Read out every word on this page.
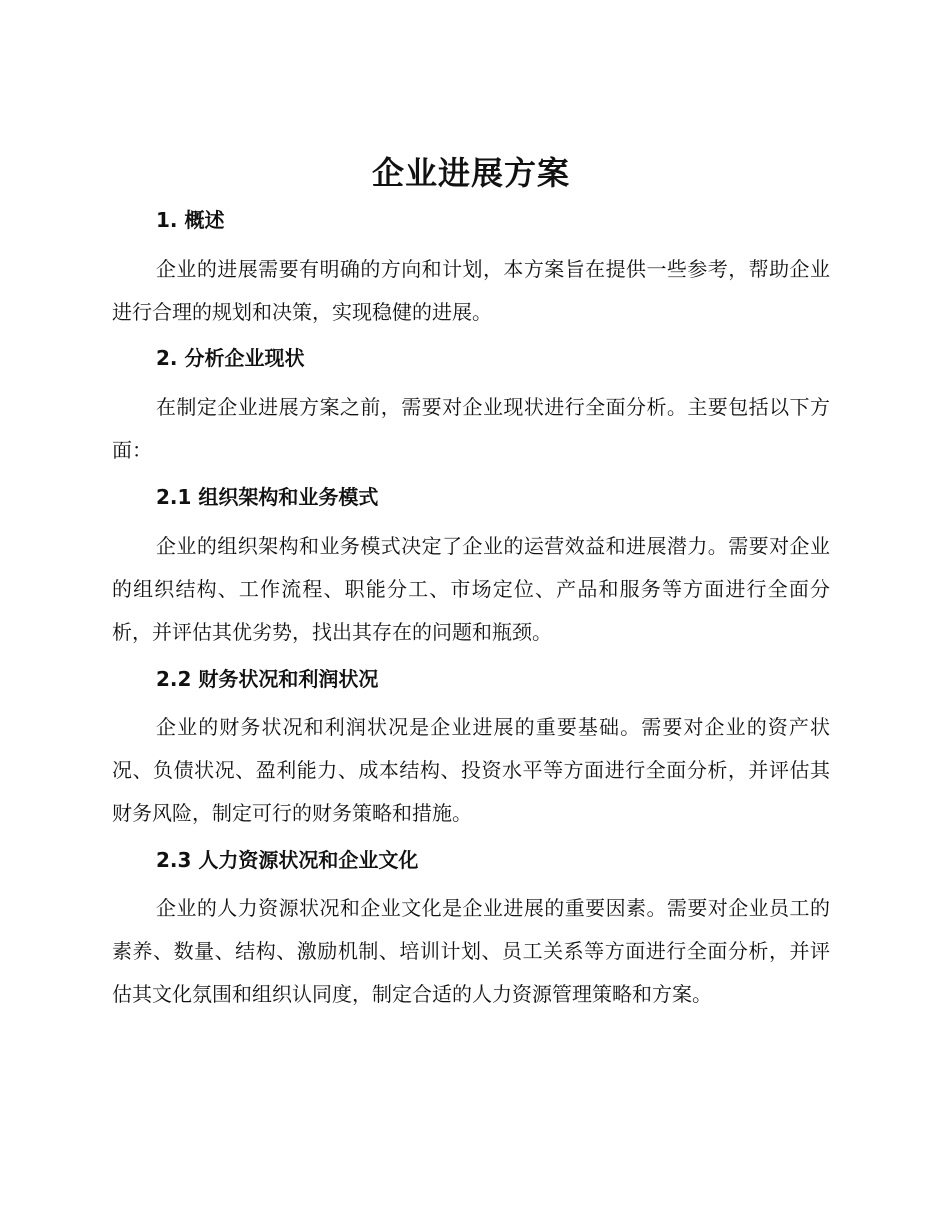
企业进展方案
1. 概述

企业的进展需要有明确的方向和计划，本方案旨在提供一些参考，帮助企业进行合理的规划和决策，实现稳健的进展。

2. 分析企业现状

在制定企业进展方案之前，需要对企业现状进行全面分析。主要包括以下方面：

2.1 组织架构和业务模式

企业的组织架构和业务模式决定了企业的运营效益和进展潜力。需要对企业的组织结构、工作流程、职能分工、市场定位、产品和服务等方面进行全面分析，并评估其优劣势，找出其存在的问题和瓶颈。

2.2 财务状况和利润状况

企业的财务状况和利润状况是企业进展的重要基础。需要对企业的资产状况、负债状况、盈利能力、成本结构、投资水平等方面进行全面分析，并评估其财务风险，制定可行的财务策略和措施。

2.3 人力资源状况和企业文化

企业的人力资源状况和企业文化是企业进展的重要因素。需要对企业员工的素养、数量、结构、激励机制、培训计划、员工关系等方面进行全面分析，并评估其文化氛围和组织认同度，制定合适的人力资源管理策略和方案。
